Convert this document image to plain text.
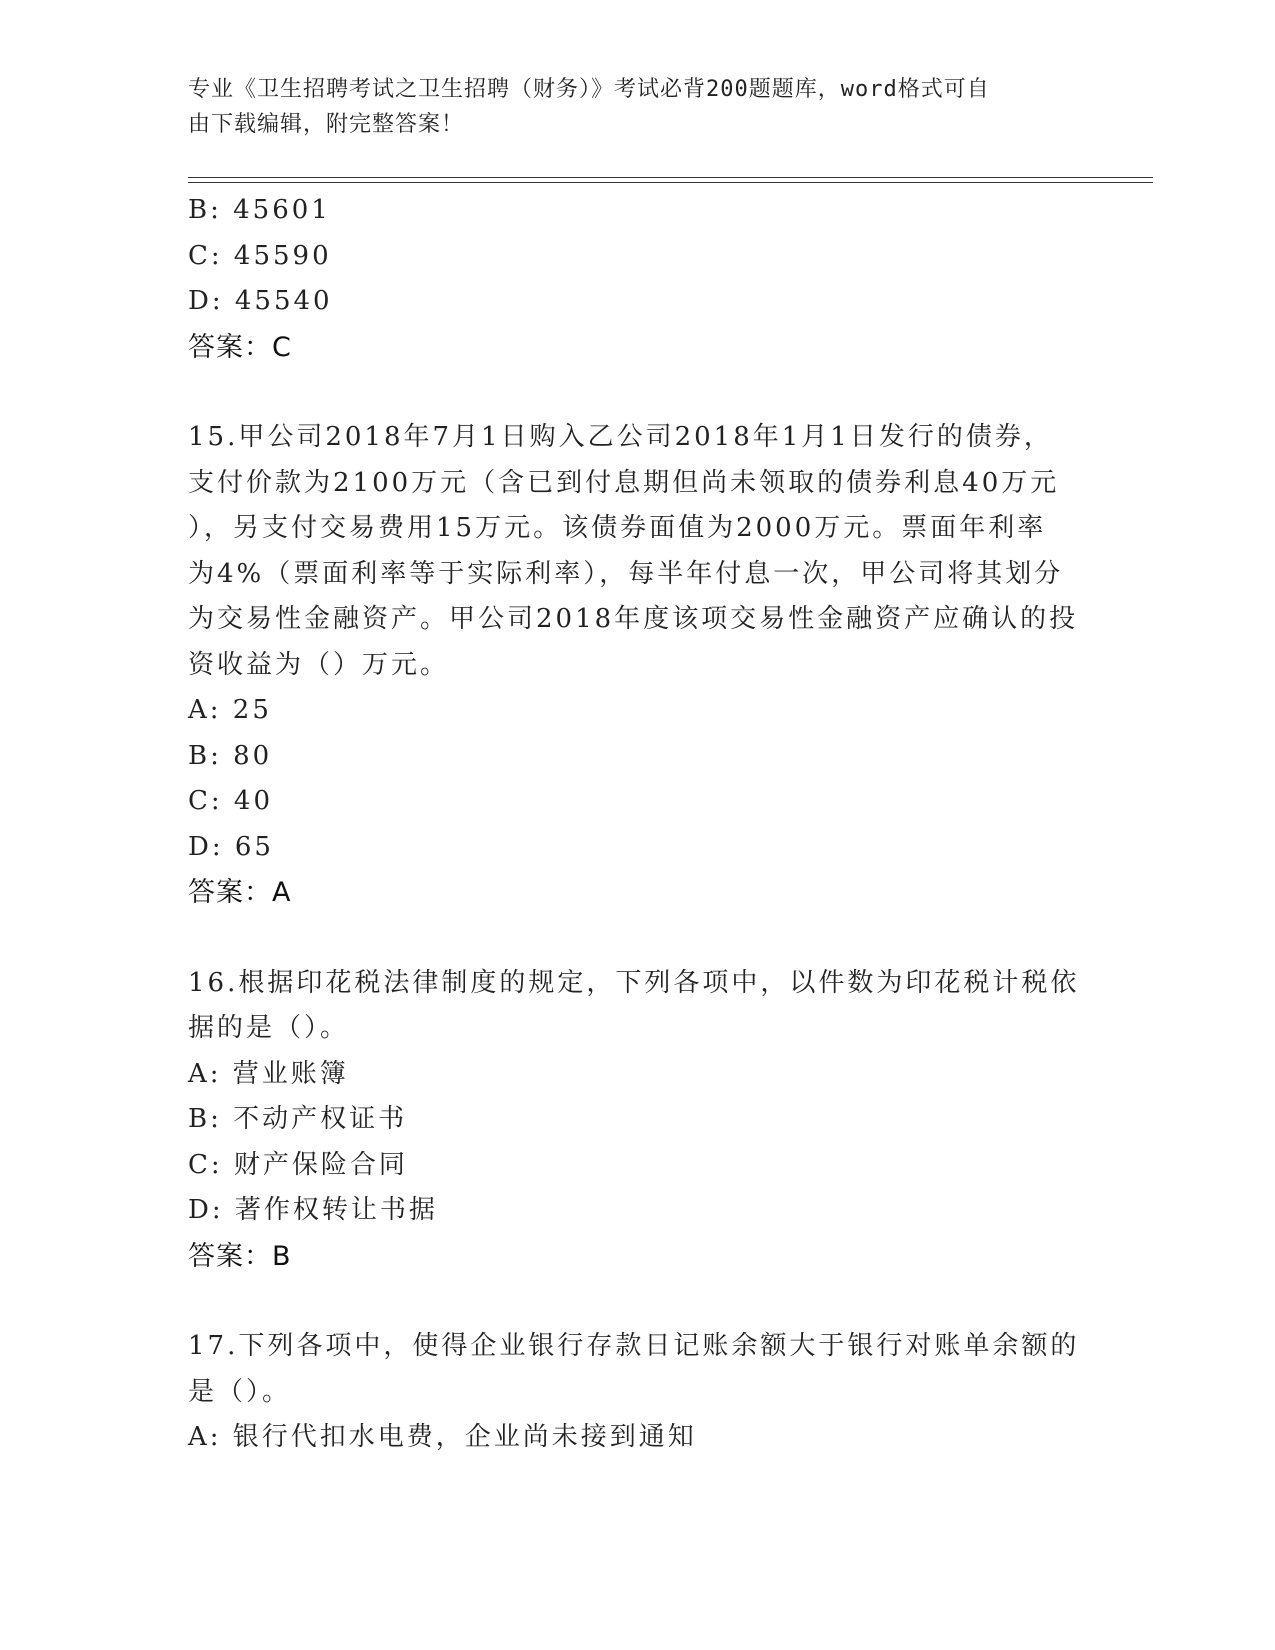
专业《卫生招聘考试之卫生招聘（财务）》考试必背200题题库，word格式可自
由下载编辑，附完整答案！
B: 45601
C: 45590
D: 45540
答案：C
15.甲公司2018年7月1日购入乙公司2018年1月1日发行的债券，
支付价款为2100万元（含已到付息期但尚未领取的债券利息40万元
），另支付交易费用15万元。该债券面值为2000万元。票面年利率
为4%（票面利率等于实际利率），每半年付息一次，甲公司将其划分
为交易性金融资产。甲公司2018年度该项交易性金融资产应确认的投
资收益为（）万元。
A: 25
B: 80
C: 40
D: 65
答案：A
16.根据印花税法律制度的规定，下列各项中，以件数为印花税计税依
据的是（）。
A: 营业账簿
B: 不动产权证书
C: 财产保险合同
D: 著作权转让书据
答案：B
17.下列各项中，使得企业银行存款日记账余额大于银行对账单余额的
是（）。
A: 银行代扣水电费，企业尚未接到通知
